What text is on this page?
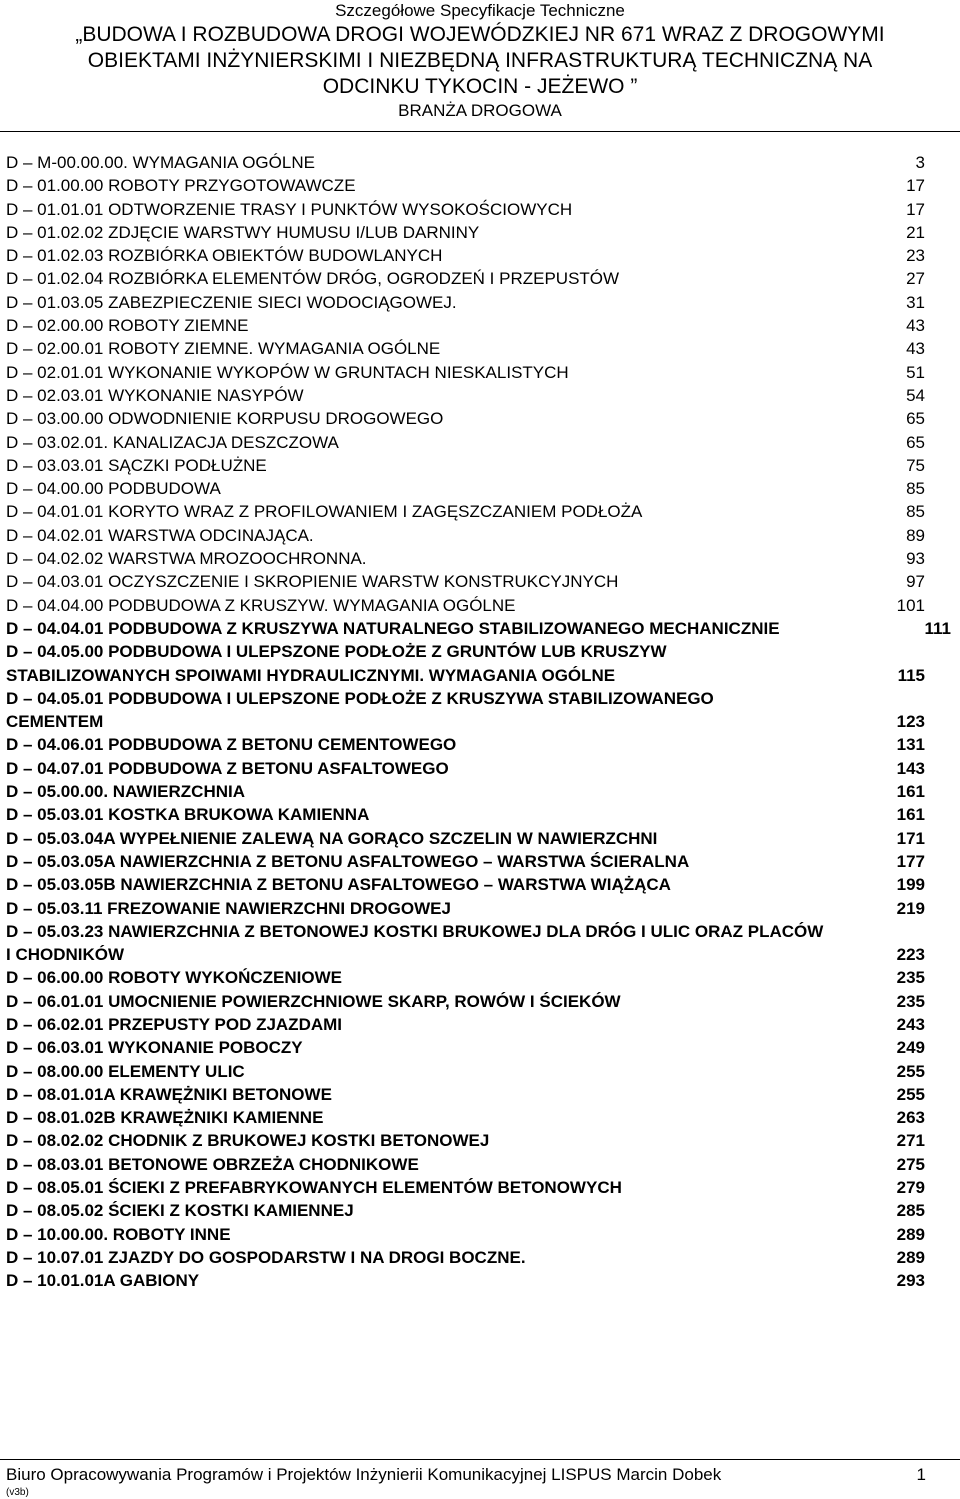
Szczegółowe Specyfikacje Techniczne
„BUDOWA I ROZBUDOWA DROGI WOJEWÓDZKIEJ NR 671 WRAZ Z DROGOWYMI
OBIEKTAMI INŻYNIERSKIMI I NIEZBĘDNĄ INFRASTRUKTURĄ TECHNICZNĄ NA
ODCINKU TYKOCIN - JEŻEWO ”
BRANŻA DROGOWA
D – M-00.00.00. WYMAGANIA OGÓLNE	3
D – 01.00.00 ROBOTY PRZYGOTOWAWCZE	17
D – 01.01.01 ODTWORZENIE TRASY I PUNKTÓW WYSOKOŚCIOWYCH	17
D – 01.02.02 ZDJĘCIE WARSTWY HUMUSU I/LUB DARNINY	21
D – 01.02.03 ROZBIÓRKA OBIEKTÓW BUDOWLANYCH	23
D – 01.02.04 ROZBIÓRKA ELEMENTÓW DRÓG, OGRODZEŃ I PRZEPUSTÓW	27
D – 01.03.05 ZABEZPIECZENIE SIECI WODOCIĄGOWEJ.	31
D – 02.00.00 ROBOTY ZIEMNE	43
D – 02.00.01 ROBOTY ZIEMNE. WYMAGANIA OGÓLNE	43
D – 02.01.01 WYKONANIE WYKOPÓW W GRUNTACH NIESKALISTYCH	51
D – 02.03.01 WYKONANIE NASYPÓW	54
D – 03.00.00 ODWODNIENIE KORPUSU DROGOWEGO	65
D – 03.02.01. KANALIZACJA DESZCZOWA	65
D – 03.03.01 SĄCZKI PODŁUŻNE	75
D – 04.00.00 PODBUDOWA	85
D – 04.01.01 KORYTO WRAZ Z PROFILOWANIEM I ZAGĘSZCZANIEM PODŁOŻA	85
D – 04.02.01 WARSTWA ODCINAJĄCA.	89
D – 04.02.02 WARSTWA MROZOOCHRONNA.	93
D – 04.03.01 OCZYSZCZENIE I SKROPIENIE WARSTW KONSTRUKCYJNYCH	97
D – 04.04.00 PODBUDOWA Z KRUSZYW. WYMAGANIA OGÓLNE	101
D – 04.04.01 PODBUDOWA Z KRUSZYWA NATURALNEGO STABILIZOWANEGO MECHANICZNIE	111
D – 04.05.00 PODBUDOWA I ULEPSZONE PODŁOŻE Z GRUNTÓW LUB KRUSZYW
STABILIZOWANYCH SPOIWAMI HYDRAULICZNYMI. WYMAGANIA OGÓLNE	115
D – 04.05.01 PODBUDOWA I ULEPSZONE PODŁOŻE Z KRUSZYWA STABILIZOWANEGO
CEMENTEM	123
D – 04.06.01 PODBUDOWA Z BETONU CEMENTOWEGO	131
D – 04.07.01 PODBUDOWA Z BETONU ASFALTOWEGO	143
D – 05.00.00. NAWIERZCHNIA	161
D – 05.03.01 KOSTKA BRUKOWA KAMIENNA	161
D – 05.03.04A WYPEŁNIENIE ZALEWĄ NA GORĄCO SZCZELIN W NAWIERZCHNI	171
D – 05.03.05A NAWIERZCHNIA Z BETONU ASFALTOWEGO – WARSTWA ŚCIERALNA	177
D – 05.03.05B NAWIERZCHNIA Z BETONU ASFALTOWEGO – WARSTWA WIĄŻĄCA	199
D – 05.03.11 FREZOWANIE NAWIERZCHNI DROGOWEJ	219
D – 05.03.23 NAWIERZCHNIA Z BETONOWEJ KOSTKI BRUKOWEJ DLA DRÓG I ULIC ORAZ PLACÓW
I CHODNIKÓW	223
D – 06.00.00 ROBOTY WYKOŃCZENIOWE	235
D – 06.01.01 UMOCNIENIE POWIERZCHNIOWE SKARP, ROWÓW I ŚCIEKÓW	235
D – 06.02.01 PRZEPUSTY POD ZJAZDAMI	243
D – 06.03.01 WYKONANIE POBOCZY	249
D – 08.00.00 ELEMENTY ULIC	255
D – 08.01.01A KRAWĘŻNIKI BETONOWE	255
D – 08.01.02B KRAWĘŻNIKI KAMIENNE	263
D – 08.02.02 CHODNIK Z BRUKOWEJ KOSTKI BETONOWEJ	271
D – 08.03.01 BETONOWE OBRZEŻA CHODNIKOWE	275
D – 08.05.01 ŚCIEKI Z PREFABRYKOWANYCH ELEMENTÓW BETONOWYCH	279
D – 08.05.02 ŚCIEKI Z KOSTKI KAMIENNEJ	285
D – 10.00.00. ROBOTY INNE	289
D – 10.07.01 ZJAZDY DO GOSPODARSTW I NA DROGI BOCZNE.	289
D – 10.01.01A GABIONY	293
Biuro Opracowywania Programów i Projektów Inżynierii Komunikacyjnej LISPUS Marcin Dobek	1
(v3b)
